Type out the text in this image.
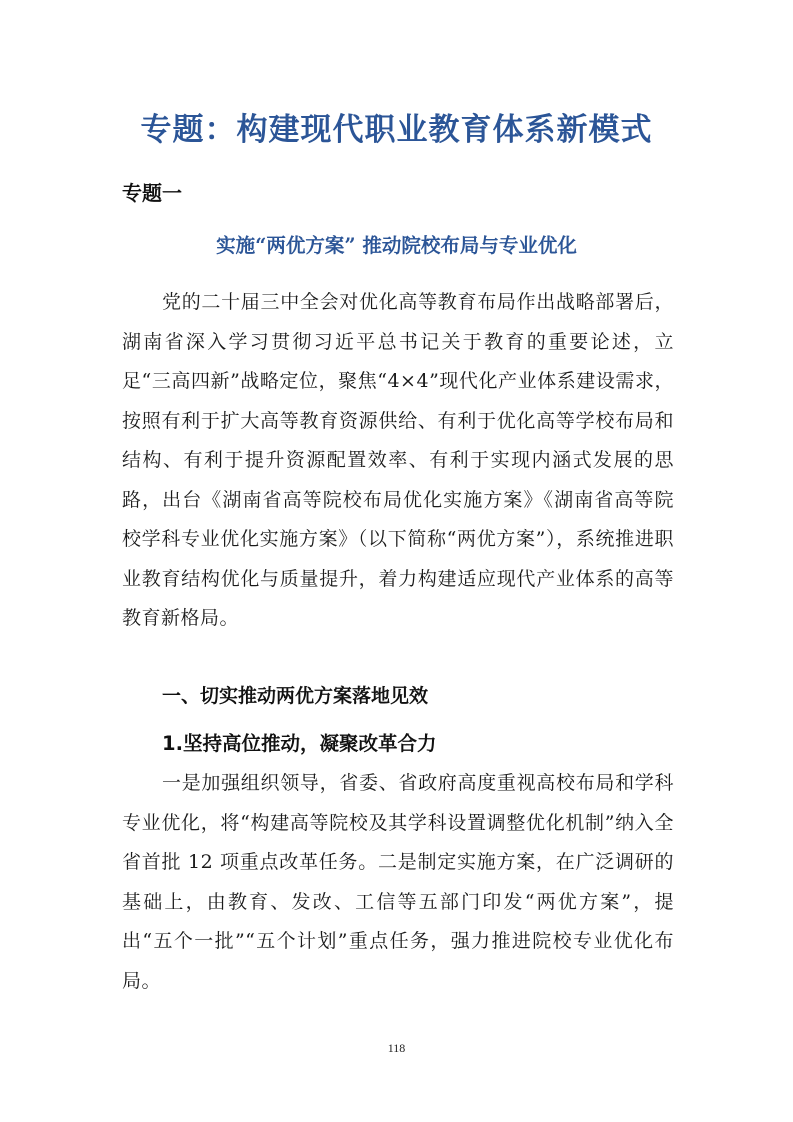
专题：构建现代职业教育体系新模式
专题一
实施“两优方案” 推动院校布局与专业优化

党的二十届三中全会对优化高等教育布局作出战略部署后，湖南省深入学习贯彻习近平总书记关于教育的重要论述，立足“三高四新”战略定位，聚焦“4×4”现代化产业体系建设需求，按照有利于扩大高等教育资源供给、有利于优化高等学校布局和结构、有利于提升资源配置效率、有利于实现内涵式发展的思路，出台《湖南省高等院校布局优化实施方案》《湖南省高等院校学科专业优化实施方案》（以下简称“两优方案”），系统推进职业教育结构优化与质量提升，着力构建适应现代产业体系的高等教育新格局。

一、切实推动两优方案落地见效
1.坚持高位推动，凝聚改革合力

一是加强组织领导，省委、省政府高度重视高校布局和学科专业优化，将“构建高等院校及其学科设置调整优化机制”纳入全省首批 12 项重点改革任务。二是制定实施方案，在广泛调研的基础上，由教育、发改、工信等五部门印发“两优方案”，提出“五个一批”“五个计划”重点任务，强力推进院校专业优化布局。

118
